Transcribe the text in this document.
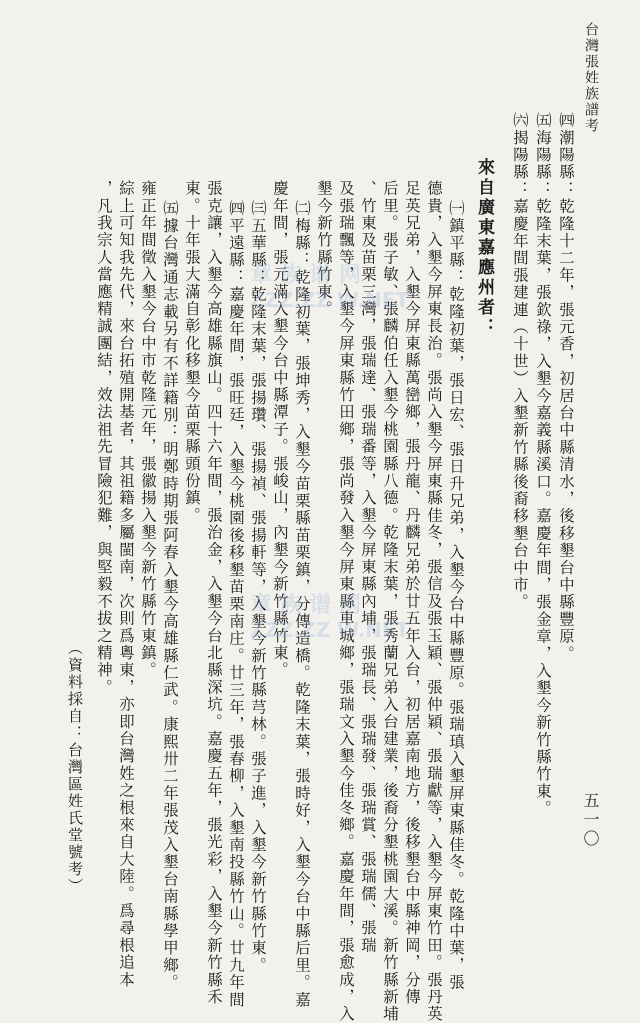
台灣張姓族譜考
五一〇
㈣潮陽縣：乾隆十二年，張元香，初居台中縣清水，後移墾台中縣豐原。
㈤海陽縣：乾隆末葉，張欽祿，入墾今嘉義縣溪口。嘉慶年間，張金章，入墾今新竹縣竹東。
㈥揭陽縣：嘉慶年間張建連（十世）入墾新竹縣後裔移墾台中市。
來自廣東嘉應州者：
㈠鎮平縣：乾隆初葉，張日宏、張日升兄弟，入墾今台中縣豐原。張瑞瑱入墾屏東縣佳冬。乾隆中葉，張
德貴，入墾今屏東長治。張尚入墾今屏東縣佳冬，張信及張玉穎、張仲穎、張瑞獻等，入墾今屏東竹田。張丹英
足英兄弟，入墾今屏東縣萬巒鄉，張丹龍、丹麟兄弟於廿五年入台，初居嘉南地方，後移墾台中縣神岡，分傳
后里。張子敏、張麟伯任入墾今桃園縣八德。乾隆末葉，張秀蘭兄弟入台建業，後裔分墾桃園大溪。新竹縣新埔
、竹東及苗栗三灣，張瑞達、張瑞番等，入墾今屏東縣內埔，張瑞長、張瑞發、張瑞賞、張瑞儒、張瑞
及張瑞飄等，入墾今屏東縣竹田鄉，張尚發入墾今屏東縣車城鄉，張瑞文入墾今佳冬鄉。嘉慶年間，張愈成，入
墾今新竹縣竹東。
㈡梅縣：乾隆初葉，張坤秀，入墾今苗栗縣苗栗鎮，分傳造橋。乾隆末葉，張時好，入墾今台中縣后里。嘉
慶年間，張元滿入墾今台中縣潭子。張峻山，內墾今新竹縣竹東。
㈢五華縣：乾隆末葉，張揚瓚、張揚禎、張揚軒等，入墾今新竹縣芎林。張子進，入墾今新竹縣竹東。
㈣平遠縣：嘉慶年間，張旺廷，入墾今桃園後移墾苗栗南庄。廿三年，張春柳，入墾南投縣竹山。廿九年間
張克讓，入墾今高雄縣旗山。四十六年間，張治金，入墾今台北縣深坑。嘉慶五年，張光彩，入墾今新竹縣禾
東。十年張大滿自彰化移墾今苗栗縣頭份鎮。
㈤據台灣通志載另有不詳籍別：明鄭時期張阿春入墾今高雄縣仁武。康熙卅二年張茂入墾台南縣學甲鄉。
雍正年間徵入墾今台中市乾隆元年，張徽揚入墾今新竹縣竹東鎮。
綜上可知我先代，來台拓殖開基者，其祖籍多屬閩南，次則爲粵東，亦即台灣姓之根來自大陸。爲尋根追本
，凡我宗人當應精誠團結，效法祖先冒險犯難，與堅毅不拔之精神。
（資料採自：台灣區姓氏堂號考）
章 族 谱 网
ZZZ.ZZ W.NET
章 族 谱 网
ZZZ.ZZ W.NET
